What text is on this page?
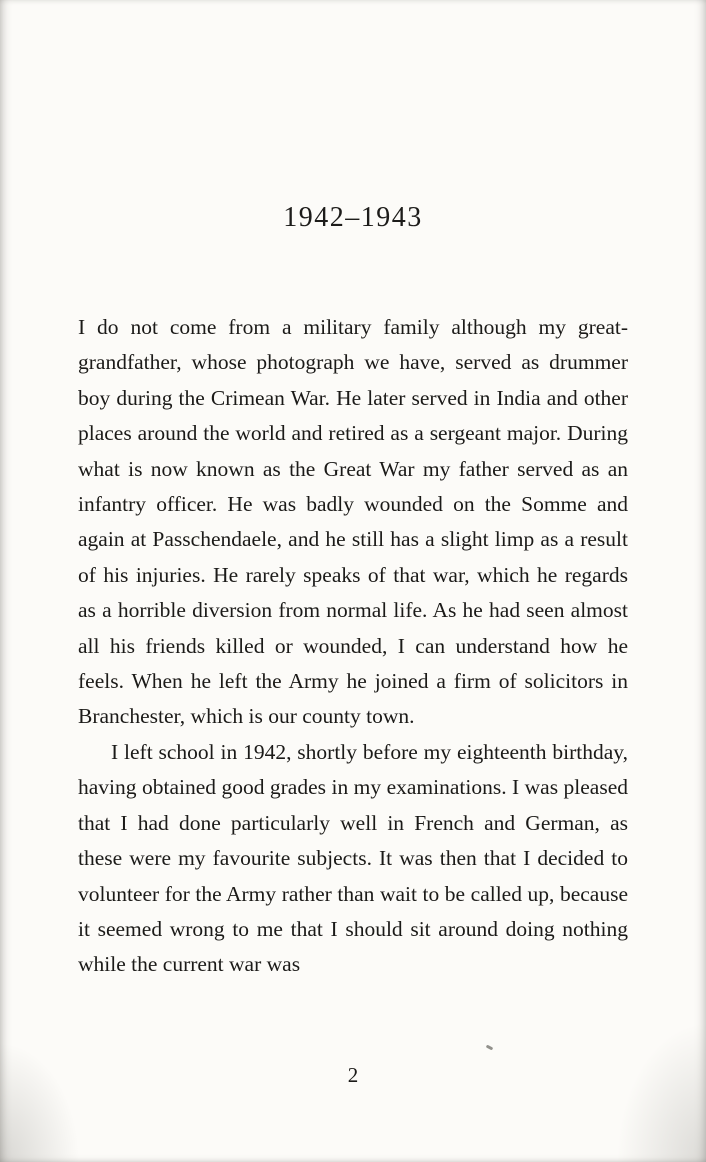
1942–1943

I do not come from a military family although my great-grandfather, whose photograph we have, served as drummer boy during the Crimean War. He later served in India and other places around the world and retired as a sergeant major. During what is now known as the Great War my father served as an infantry officer. He was badly wounded on the Somme and again at Passchendaele, and he still has a slight limp as a result of his injuries. He rarely speaks of that war, which he regards as a horrible diversion from normal life. As he had seen almost all his friends killed or wounded, I can understand how he feels. When he left the Army he joined a firm of solicitors in Branchester, which is our county town.

I left school in 1942, shortly before my eighteenth birthday, having obtained good grades in my examinations. I was pleased that I had done particularly well in French and German, as these were my favourite subjects. It was then that I decided to volunteer for the Army rather than wait to be called up, because it seemed wrong to me that I should sit around doing nothing while the current war was

2
